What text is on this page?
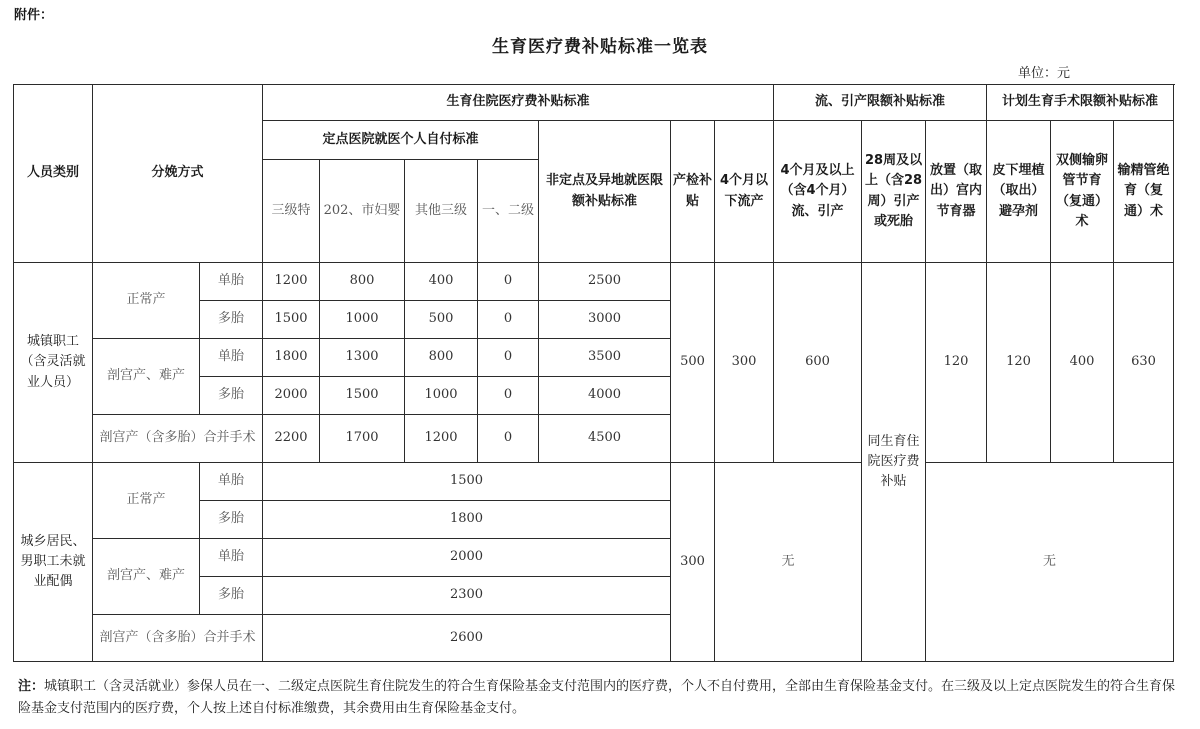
附件：
生育医疗费补贴标准一览表
单位：元
人员类别	分娩方式		生育住院医疗费补贴标准							流、引产限额补贴标准			计划生育手术限额补贴标准		
			定点医院就医个人自付标准				非定点及异地就医限额补贴标准	产检补贴	4个月以下流产	4个月及以上（含4个月）流、引产	28周及以上（含28周）引产或死胎	放置（取出）宫内节育器	皮下埋植（取出）避孕剂	双侧输卵管节育（复通）术	输精管绝育（复通）术
			三级特	202、市妇婴	其他三级	一、二级									
城镇职工（含灵活就业人员）	正常产	单胎	1200	800	400	0	2500	500	300	600	同生育住院医疗费补贴	120	120	400	630
		多胎	1500	1000	500	0	3000								
	剖宫产、难产	单胎	1800	1300	800	0	3500								
		多胎	2000	1500	1000	0	4000								
	剖宫产（含多胎）合并手术		2200	1700	1200	0	4500								
城乡居民、男职工未就业配偶	正常产	单胎	1500					300	无			无			
		多胎	1800												
	剖宫产、难产	单胎	2000												
		多胎	2300												
	剖宫产（含多胎）合并手术		2600												
注：城镇职工（含灵活就业）参保人员在一、二级定点医院生育住院发生的符合生育保险基金支付范围内的医疗费，个人不自付费用，全部由生育保险基金支付。在三级及以上定点医院发生的符合生育保险基金支付范围内的医疗费，个人按上述自付标准缴费，其余费用由生育保险基金支付。
